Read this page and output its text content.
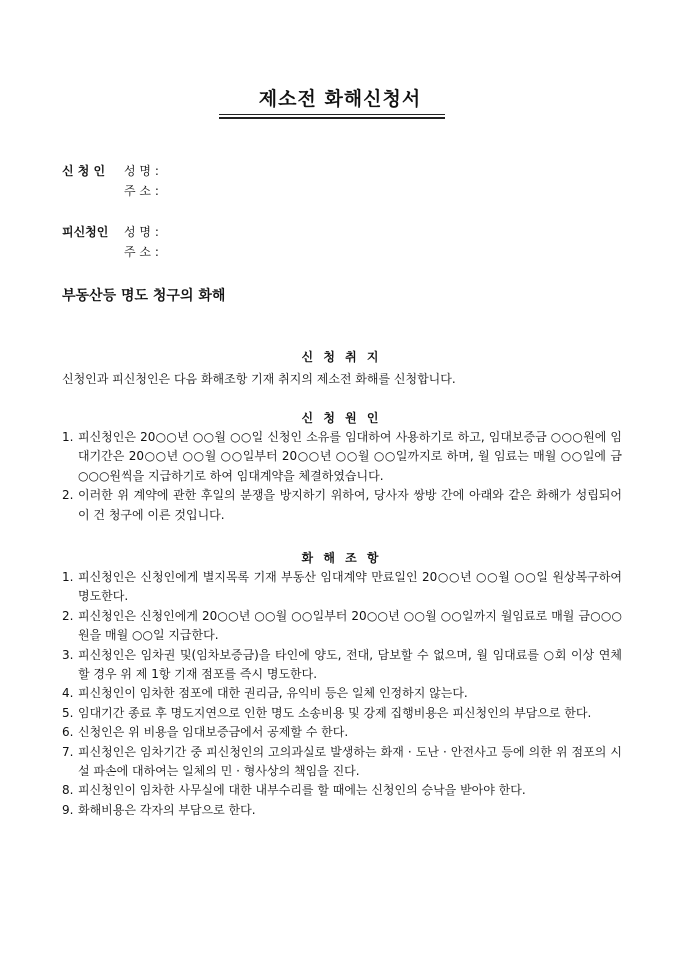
제소전 화해신청서
신 청 인	성 명 :
주 소 :
피신청인	성 명 :
주 소 :
부동산등 명도 청구의 화해
신 청 취 지
신청인과 피신청인은 다음 화해조항 기재 취지의 제소전 화해를 신청합니다.
신 청 원 인
1. 피신청인은 20○○년 ○○월 ○○일 신청인 소유를 임대하여 사용하기로 하고, 임대보증금 ○○○원에 임대기간은 20○○년 ○○월 ○○일부터 20○○년 ○○월 ○○일까지로 하며, 월 임료는 매월 ○○일에 금○○○원씩을 지급하기로 하여 임대계약을 체결하였습니다.
2. 이러한 위 계약에 관한 후일의 분쟁을 방지하기 위하여, 당사자 쌍방 간에 아래와 같은 화해가 성립되어 이 건 청구에 이른 것입니다.
화 해 조 항
1. 피신청인은 신청인에게 별지목록 기재 부동산 임대계약 만료일인 20○○년 ○○월 ○○일 원상복구하여 명도한다.
2. 피신청인은 신청인에게 20○○년 ○○월 ○○일부터 20○○년 ○○월 ○○일까지 월임료로 매월 금○○○원을 매월 ○○일 지급한다.
3. 피신청인은 임차권 및(임차보증금)을 타인에 양도, 전대, 담보할 수 없으며, 월 임대료를 ○회 이상 연체할 경우 위 제 1항 기재 점포를 즉시 명도한다.
4. 피신청인이 임차한 점포에 대한 권리금, 유익비 등은 일체 인정하지 않는다.
5. 임대기간 종료 후 명도지연으로 인한 명도 소송비용 및 강제 집행비용은 피신청인의 부담으로 한다.
6. 신청인은 위 비용을 임대보증금에서 공제할 수 한다.
7. 피신청인은 임차기간 중 피신청인의 고의과실로 발생하는 화재 · 도난 · 안전사고 등에 의한 위 점포의 시설 파손에 대하여는 일체의 민 · 형사상의 책임을 진다.
8. 피신청인이 임차한 사무실에 대한 내부수리를 할 때에는 신청인의 승낙을 받아야 한다.
9. 화해비용은 각자의 부담으로 한다.
